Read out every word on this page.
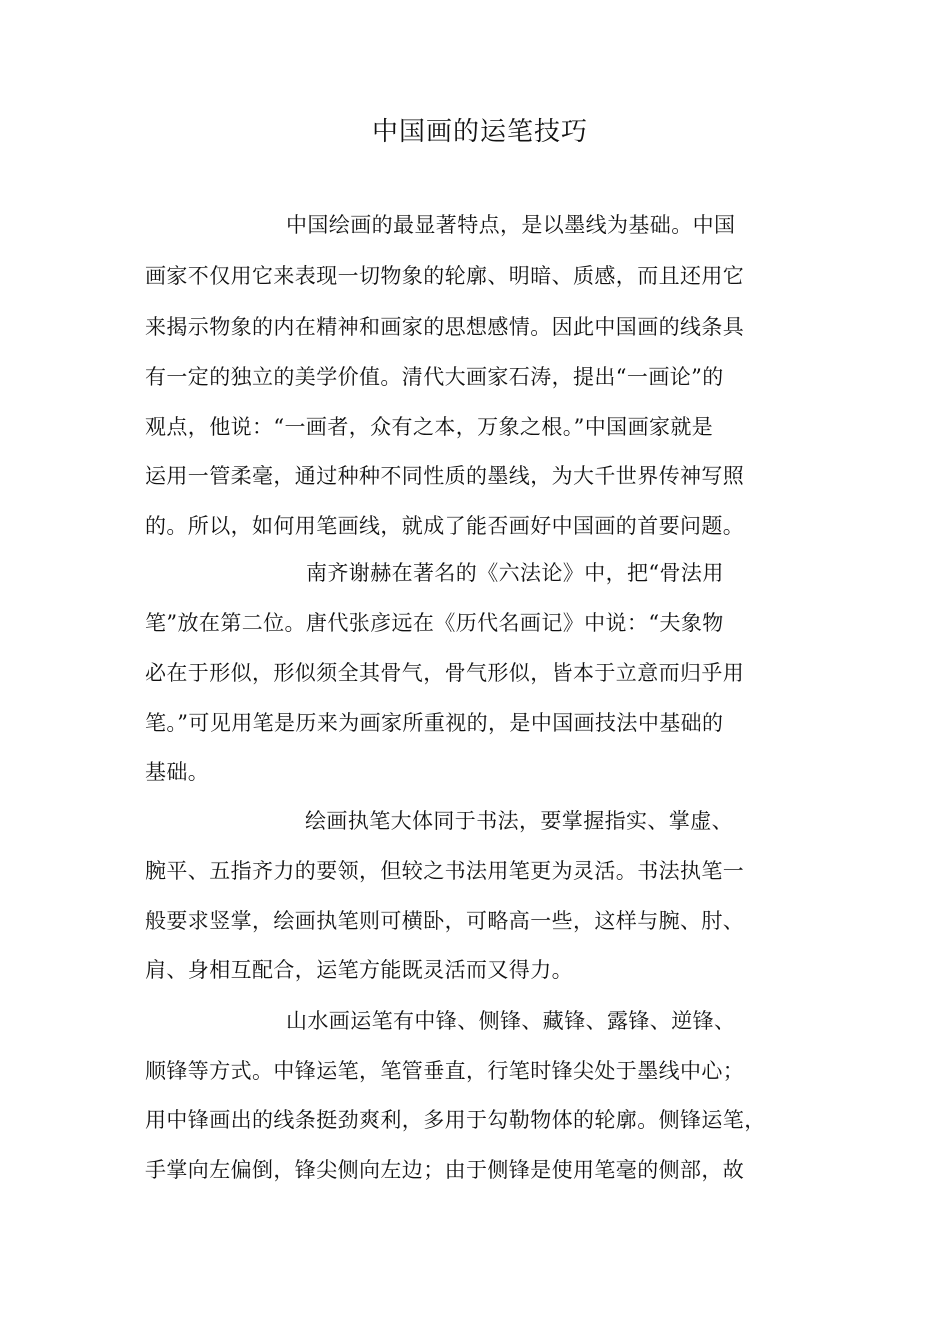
中国画的运笔技巧
中国绘画的最显著特点，是以墨线为基础。中国
画家不仅用它来表现一切物象的轮廓、明暗、质感，而且还用它
来揭示物象的内在精神和画家的思想感情。因此中国画的线条具
有一定的独立的美学价值。清代大画家石涛，提出“一画论”的
观点，他说：“一画者，众有之本，万象之根。”中国画家就是
运用一管柔毫，通过种种不同性质的墨线，为大千世界传神写照
的。所以，如何用笔画线，就成了能否画好中国画的首要问题。
南齐谢赫在著名的《六法论》中，把“骨法用
笔”放在第二位。唐代张彦远在《历代名画记》中说：“夫象物
必在于形似，形似须全其骨气，骨气形似，皆本于立意而归乎用
笔。”可见用笔是历来为画家所重视的，是中国画技法中基础的
基础。
绘画执笔大体同于书法，要掌握指实、掌虚、
腕平、五指齐力的要领，但较之书法用笔更为灵活。书法执笔一
般要求竖掌，绘画执笔则可横卧，可略高一些，这样与腕、肘、
肩、身相互配合，运笔方能既灵活而又得力。
山水画运笔有中锋、侧锋、藏锋、露锋、逆锋、
顺锋等方式。中锋运笔，笔管垂直，行笔时锋尖处于墨线中心；
用中锋画出的线条挺劲爽利，多用于勾勒物体的轮廓。侧锋运笔，
手掌向左偏倒，锋尖侧向左边；由于侧锋是使用笔毫的侧部，故
